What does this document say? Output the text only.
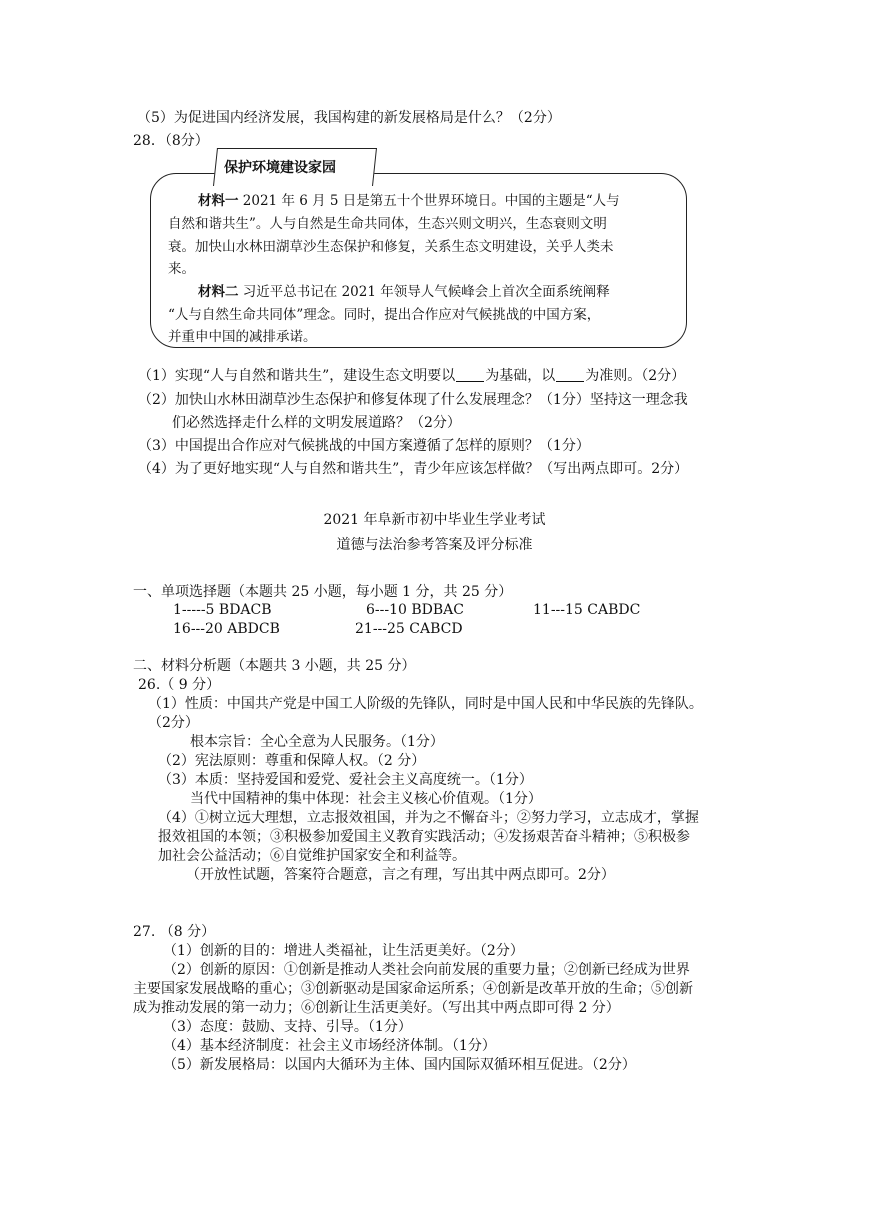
（5）为促进国内经济发展，我国构建的新发展格局是什么？（2分）
28．（8分）
保护环境建设家园
材料一 2021 年 6 月 5 日是第五十个世界环境日。中国的主题是“人与
自然和谐共生”。人与自然是生命共同体，生态兴则文明兴，生态衰则文明
衰。加快山水林田湖草沙生态保护和修复，关系生态文明建设，关乎人类未
来。
材料二 习近平总书记在 2021 年领导人气候峰会上首次全面系统阐释
“人与自然生命共同体”理念。同时，提出合作应对气候挑战的中国方案，
并重申中国的减排承诺。
（1）实现“人与自然和谐共生”，建设生态文明要以 为基础，以 为准则。（2分）
（2）加快山水林田湖草沙生态保护和修复体现了什么发展理念？（1分）坚持这一理念我
们必然选择走什么样的文明发展道路？（2分）
（3）中国提出合作应对气候挑战的中国方案遵循了怎样的原则？（1分）
（4）为了更好地实现“人与自然和谐共生”，青少年应该怎样做？（写出两点即可。2分）
2021 年阜新市初中毕业生学业考试
道德与法治参考答案及评分标准
一、单项选择题（本题共 25 小题，每小题 1 分，共 25 分）
1-----5 BDACB	6---10 BDBAC	11---15 CABDC
16---20 ABDCB	21---25 CABCD
二、材料分析题（本题共 3 小题，共 25 分）
26.（ 9 分）
（1）性质：中国共产党是中国工人阶级的先锋队，同时是中国人民和中华民族的先锋队。
（2分）
根本宗旨：全心全意为人民服务。（1分）
（2）宪法原则：尊重和保障人权。（2 分）
（3）本质：坚持爱国和爱党、爱社会主义高度统一。（1分）
当代中国精神的集中体现：社会主义核心价值观。（1分）
（4）①树立远大理想，立志报效祖国，并为之不懈奋斗；②努力学习，立志成才，掌握
报效祖国的本领；③积极参加爱国主义教育实践活动；④发扬艰苦奋斗精神；⑤积极参
加社会公益活动；⑥自觉维护国家安全和利益等。
（开放性试题，答案符合题意，言之有理，写出其中两点即可。2分）
27. （8 分）
（1）创新的目的：增进人类福祉，让生活更美好。（2分）
（2）创新的原因：①创新是推动人类社会向前发展的重要力量；②创新已经成为世界
主要国家发展战略的重心；③创新驱动是国家命运所系；④创新是改革开放的生命；⑤创新
成为推动发展的第一动力；⑥创新让生活更美好。（写出其中两点即可得 2 分）
（3）态度：鼓励、支持、引导。（1分）
（4）基本经济制度：社会主义市场经济体制。（1分）
（5）新发展格局：以国内大循环为主体、国内国际双循环相互促进。（2分）
